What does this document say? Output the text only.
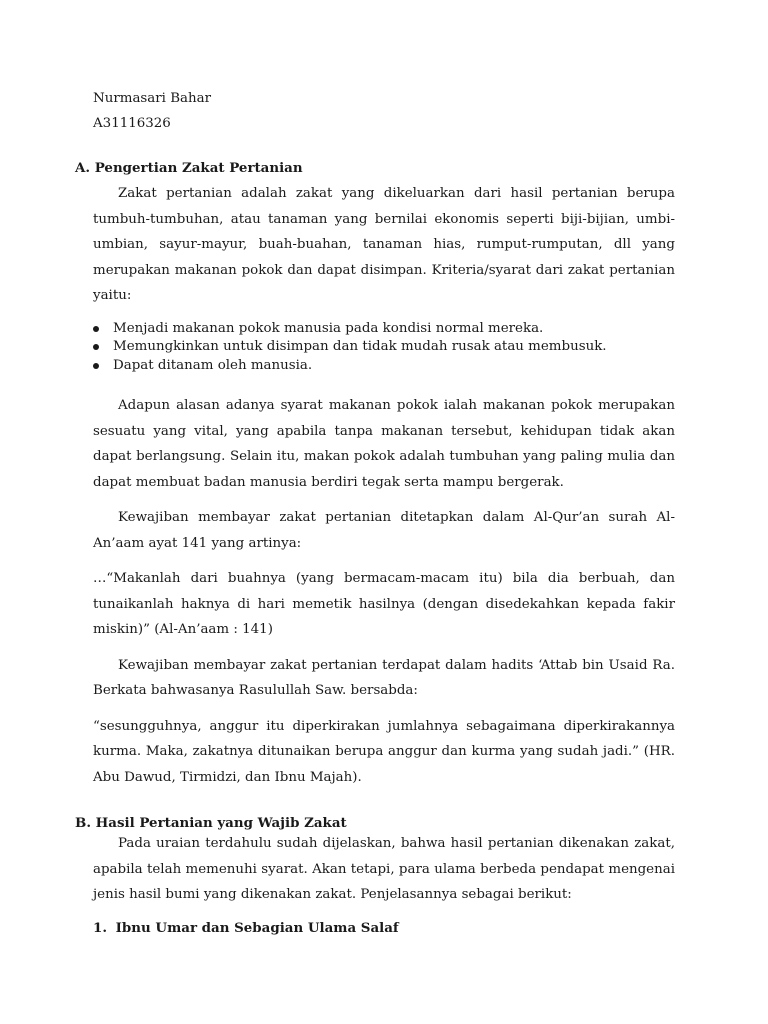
Nurmasari Bahar
A31116326
A. Pengertian Zakat Pertanian

Zakat pertanian adalah zakat yang dikeluarkan dari hasil pertanian berupa tumbuh-tumbuhan, atau tanaman yang bernilai ekonomis seperti biji-bijian, umbi-umbian, sayur-mayur, buah-buahan, tanaman hias, rumput-rumputan, dll yang merupakan makanan pokok dan dapat disimpan. Kriteria/syarat dari zakat pertanian yaitu:

Menjadi makanan pokok manusia pada kondisi normal mereka.
Memungkinkan untuk disimpan dan tidak mudah rusak atau membusuk.
Dapat ditanam oleh manusia.

Adapun alasan adanya syarat makanan pokok ialah makanan pokok merupakan sesuatu yang vital, yang apabila tanpa makanan tersebut, kehidupan tidak akan dapat berlangsung. Selain itu, makan pokok adalah tumbuhan yang paling mulia dan dapat membuat badan manusia berdiri tegak serta mampu bergerak.

Kewajiban membayar zakat pertanian ditetapkan dalam Al-Qur’an surah Al-An’aam ayat 141 yang artinya:

…“Makanlah dari buahnya (yang bermacam-macam itu) bila dia berbuah, dan tunaikanlah haknya di hari memetik hasilnya (dengan disedekahkan kepada fakir miskin)” (Al-An’aam : 141)

Kewajiban membayar zakat pertanian terdapat dalam hadits ‘Attab bin Usaid Ra. Berkata bahwasanya Rasulullah Saw. bersabda:

“sesungguhnya, anggur itu diperkirakan jumlahnya sebagaimana diperkirakannya kurma. Maka, zakatnya ditunaikan berupa anggur dan kurma yang sudah jadi.” (HR. Abu Dawud, Tirmidzi, dan Ibnu Majah).

B. Hasil Pertanian yang Wajib Zakat

Pada uraian terdahulu sudah dijelaskan, bahwa hasil pertanian dikenakan zakat, apabila telah memenuhi syarat. Akan tetapi, para ulama berbeda pendapat mengenai jenis hasil bumi yang dikenakan zakat. Penjelasannya sebagai berikut:

1. Ibnu Umar dan Sebagian Ulama Salaf
